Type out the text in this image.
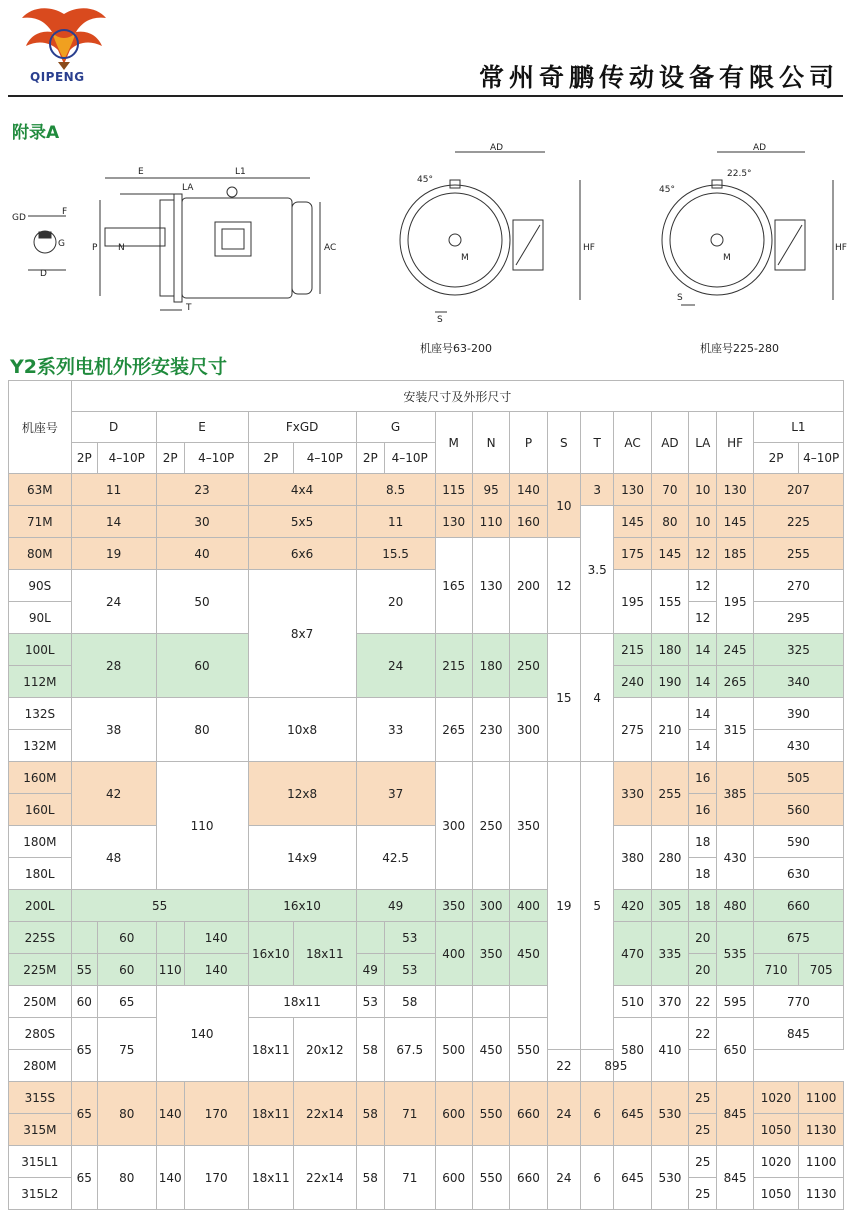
QIPENG	常州奇鹏传动设备有限公司
附录A
E	L1
LA
F
GD
G
D
N
P	AC
T
AD
HF
45°
S
M
机座号63-200
AD
HF
45°
22.5°
S
M
机座号225-280
Y2系列电机外形安装尺寸
机座号	安装尺寸及外形尺寸																		
	D		E		FxGD		G		M	N	P	S	T	AC	AD	LA	HF	L1	
	2P	4–10P	2P	4–10P	2P	4–10P	2P	4–10P										2P	4–10P
63M	11		23		4x4		8.5		115	95	140	10	3	130	70	10	130	207	
71M	14		30		5x5		11		130	110	160		3.5	145	80	10	145	225	
80M	19		40		6x6		15.5		165	130	200	12		175	145	12	185	255	
90S	24		50		8x7		20							195	155	12	195	270	
90L																12		295	
100L	28		60				24		215	180	250	15	4	215	180	14	245	325	
112M														240	190	14	265	340	
132S	38		80		10x8		33		265	230	300			275	210	14	315	390	
132M																14		430	
160M	42		110		12x8		37		300	250	350	19	5	330	255	16	385	505	
160L																16		560	
180M	48				14x9		42.5							380	280	18	430	590	
180L																18		630	
200L	55				16x10		49		350	300	400			420	305	18	480	660	
225S		60		140	16x10	18x11		53	400	350	450			470	335	20	535	675	
225M	55	60	110	140			49	53								20		710	705
250M	60	65	140		18x11		53	58						510	370	22	595	770	
280S	65	75			18x11	20x12	58	67.5	500	450	550			580	410	22	650	845	
280M												22	895						
315S	65	80	140	170	18x11	22x14	58	71	600	550	660	24	6	645	530	25	845	1020	1100
315M																25		1050	1130
315L1	65	80	140	170	18x11	22x14	58	71	600	550	660	24	6	645	530	25	845	1020	1100
315L2																25		1050	1130
